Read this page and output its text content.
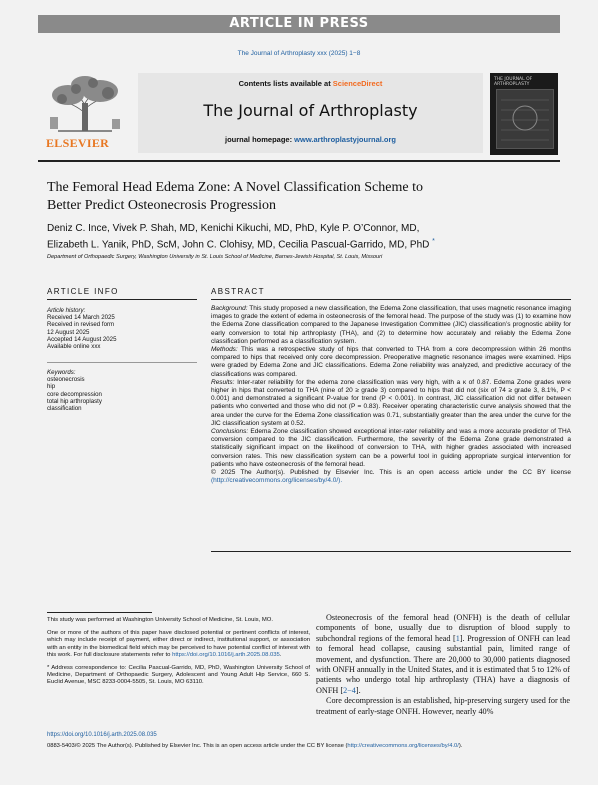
ARTICLE IN PRESS
The Journal of Arthroplasty xxx (2025) 1−8
ELSEVIER
Contents lists available at ScienceDirect
The Journal of Arthroplasty
journal homepage: www.arthroplastyjournal.org
THE JOURNAL OF ARTHROPLASTY
The Femoral Head Edema Zone: A Novel Classification Scheme to
Better Predict Osteonecrosis Progression
Deniz C. Ince, Vivek P. Shah, MD, Kenichi Kikuchi, MD, PhD, Kyle P. O’Connor, MD,
Elizabeth L. Yanik, PhD, ScM, John C. Clohisy, MD, Cecilia Pascual-Garrido, MD, PhD *
Department of Orthopaedic Surgery, Washington University in St. Louis School of Medicine, Barnes-Jewish Hospital, St. Louis, Missouri
ARTICLE INFO	ABSTRACT
Article history:
Received 14 March 2025
Received in revised form
12 August 2025
Accepted 14 August 2025
Available online xxx
Keywords:
osteonecrosis
hip
core decompression
total hip arthroplasty
classification

Background: This study proposed a new classification, the Edema Zone classification, that uses magnetic resonance imaging images to grade the extent of edema in osteonecrosis of the femoral head. The purpose of the study was (1) to examine how the Edema Zone classification compared to the Japanese Investigation Committee (JIC) classification’s prognostic ability for early conversion to total hip arthroplasty (THA), and (2) to determine how accurately and reliably the Edema Zone classification performed as a classification system.

Methods: This was a retrospective study of hips that converted to THA from a core decompression within 26 months compared to hips that received only core decompression. Preoperative magnetic resonance images were examined. Hips were graded by Edema Zone and JIC classifications. Edema Zone reliability was analyzed, and predictive accuracy of the classifications was compared.

Results: Inter-rater reliability for the edema zone classification was very high, with a κ of 0.87. Edema Zone grades were higher in hips that converted to THA (nine of 20 ≥ grade 3) compared to hips that did not (six of 74 ≥ grade 3, 8.1%, P < 0.001) and demonstrated a significant P-value for trend (P < 0.001). In contrast, JIC classification did not differ between patients who converted and those who did not (P = 0.83). Receiver operating characteristic curve analysis showed that the area under the curve for the Edema Zone classification was 0.71, substantially greater than the area under the curve for the JIC classification system at 0.52.

Conclusions: Edema Zone classification showed exceptional inter-rater reliability and was a more accurate predictor of THA conversion compared to the JIC classification. Furthermore, the severity of the Edema Zone grade demonstrated a statistically significant impact on the likelihood of conversion to THA, with higher grades associated with increased conversion rates. This new classification system can be a powerful tool in guiding appropriate surgical intervention for patients who have osteonecrosis of the femoral head.

© 2025 The Author(s). Published by Elsevier Inc. This is an open access article under the CC BY license (http://creativecommons.org/licenses/by/4.0/).

This study was performed at Washington University School of Medicine, St. Louis, MO.

One or more of the authors of this paper have disclosed potential or pertinent conflicts of interest, which may include receipt of payment, either direct or indirect, institutional support, or association with an entity in the biomedical field which may be perceived to have potential conflict of interest with this work. For full disclosure statements refer to https://doi.org/10.1016/j.arth.2025.08.035.

* Address correspondence to: Cecilia Pascual-Garrido, MD, PhD, Washington University School of Medicine, Department of Orthopaedic Surgery, Adolescent and Young Adult Hip Service, 660 S. Euclid Avenue, MSC 8233-0004-5505, St. Louis, MO 63110.

Osteonecrosis of the femoral head (ONFH) is the death of cellular components of bone, usually due to disruption of blood supply to subchondral regions of the femoral head [1]. Progression of ONFH can lead to femoral head collapse, causing substantial pain, limited range of movement, and dysfunction. There are 20,000 to 30,000 patients diagnosed with ONFH annually in the United States, and it is estimated that 5 to 12% of patients who undergo total hip arthroplasty (THA) have a diagnosis of ONFH [2−4].

Core decompression is an established, hip-preserving surgery used for the treatment of early-stage ONFH. However, nearly 40%

https://doi.org/10.1016/j.arth.2025.08.035
0883-5403/© 2025 The Author(s). Published by Elsevier Inc. This is an open access article under the CC BY license (http://creativecommons.org/licenses/by/4.0/).
